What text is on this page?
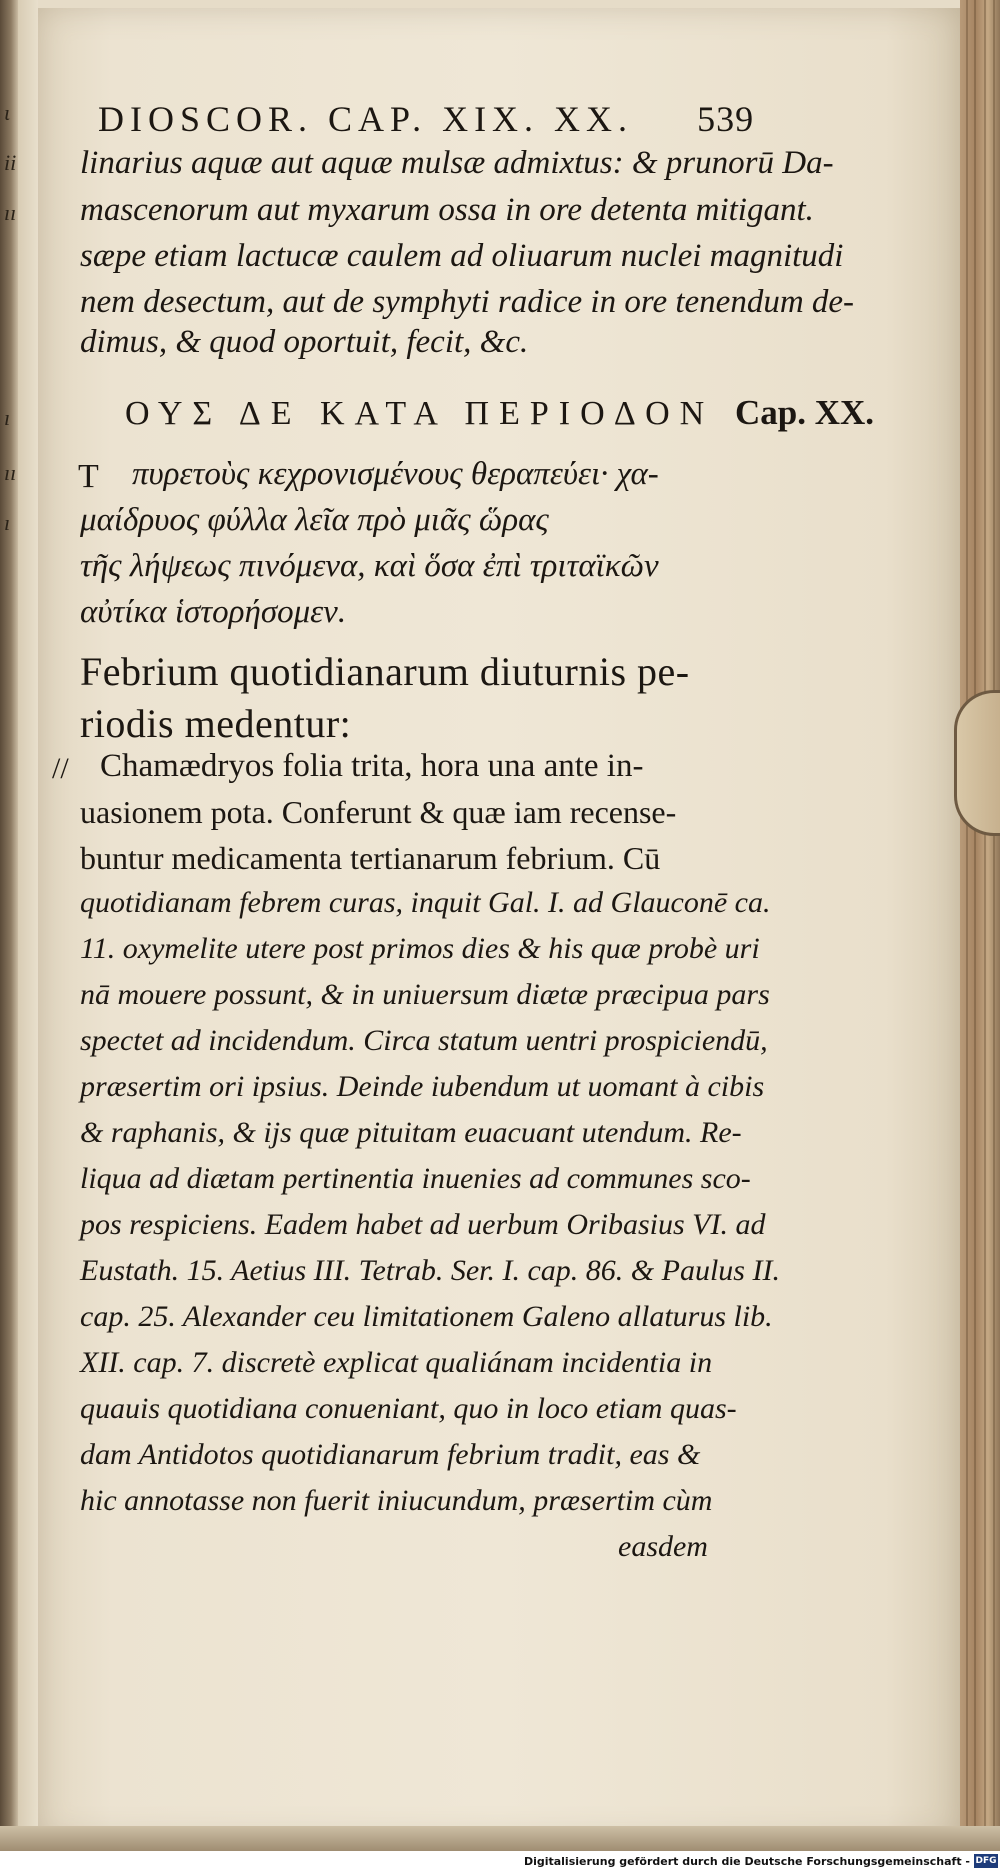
ι
ii
ıı
ı
ıı
ı
DIOSCOR. CAP. XIX. XX. 539
linarius aquæ aut aquæ mulsæ admixtus: & prunorū Da-
mascenorum aut myxarum ossa in ore detenta mitigant.
sæpe etiam lactucæ caulem ad oliuarum nuclei magnitudi
nem desectum, aut de symphyti radice in ore tenendum de-
dimus, & quod oportuit, fecit, &c.
ΟΥΣ ΔΕ ΚΑΤΑ ΠΕΡΙΟΔΟΝ Cap. XX.
Τ πυρετοὺς κεχρονισμένους θεραπεύει· χα-
μαίδρυος φύλλα λεῖα πρὸ μιᾶς ὥρας
τῆς λήψεως πινόμενα, καὶ ὅσα ἐπὶ τριταϊκῶν
αὐτίκα ἱστορήσομεν.
Febrium quotidianarum diuturnis pe-
riodis medentur:
// Chamædryos folia trita, hora una ante in-
uasionem pota. Conferunt & quæ iam recense-
buntur medicamenta tertianarum febrium. Cū
quotidianam febrem curas, inquit Gal. I. ad Glauconē ca.
11. oxymelite utere post primos dies & his quæ probè uri
nā mouere possunt, & in uniuersum diætæ præcipua pars
spectet ad incidendum. Circa statum uentri prospiciendū,
præsertim ori ipsius. Deinde iubendum ut uomant à cibis
& raphanis, & ijs quæ pituitam euacuant utendum. Re-
liqua ad diætam pertinentia inuenies ad communes sco-
pos respiciens. Eadem habet ad uerbum Oribasius VI. ad
Eustath. 15. Aetius III. Tetrab. Ser. I. cap. 86. & Paulus II.
cap. 25. Alexander ceu limitationem Galeno allaturus lib.
XII. cap. 7. discretè explicat qualiánam incidentia in
quauis quotidiana conueniant, quo in loco etiam quas-
dam Antidotos quotidianarum febrium tradit, eas &
hic annotasse non fuerit iniucundum, præsertim cùm
easdem
Digitalisierung gefördert durch die Deutsche Forschungsgemeinschaft - DFG
